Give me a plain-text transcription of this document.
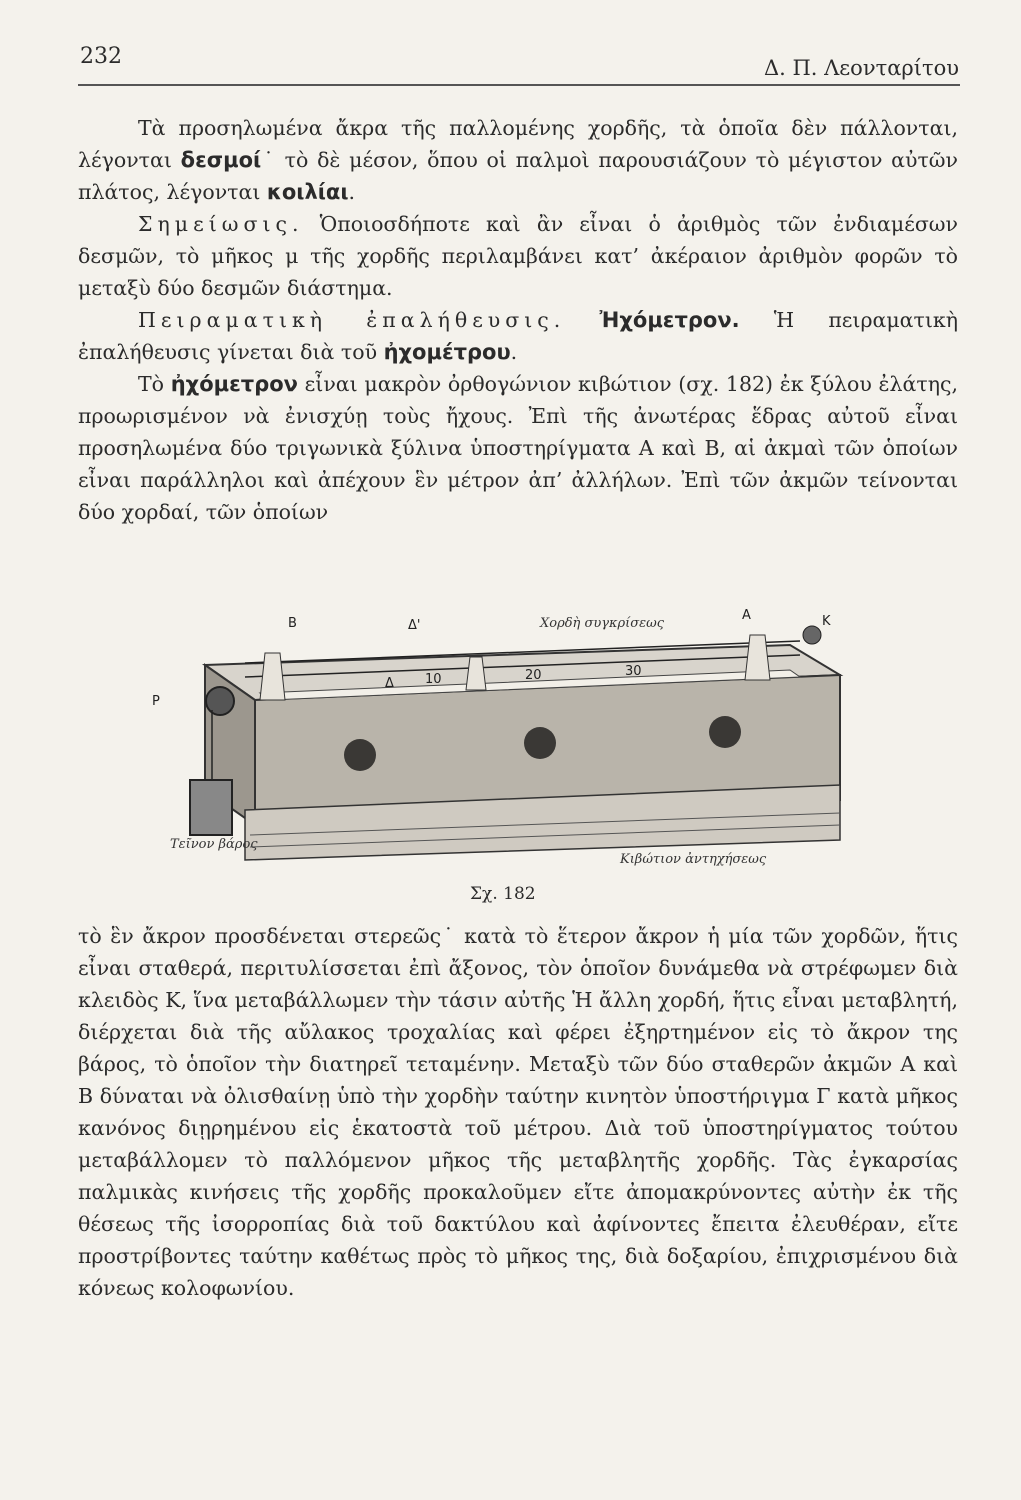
232	Δ. Π. Λεονταρίτου

Τὰ προσηλωμένα ἄκρα τῆς παλλομένης χορδῆς, τὰ ὁποῖα δὲν πάλλονται, λέγονται δεσμοί˙ τὸ δὲ μέσον, ὅπου οἱ παλμοὶ παρουσιάζουν τὸ μέγιστον αὐτῶν πλάτος, λέγονται κοιλίαι.

Σημείωσις. Ὁποιοσδήποτε καὶ ἂν εἶναι ὁ ἀριθμὸς τῶν ἐνδιαμέσων δεσμῶν, τὸ μῆκος μ τῆς χορδῆς περιλαμβάνει κατ’ ἀκέραιον ἀριθμὸν φορῶν τὸ μεταξὺ δύο δεσμῶν διάστημα.

Πειραματικὴ ἐπαλήθευσις. Ἠχόμετρον. Ἡ πειραματικὴ ἐπαλήθευσις γίνεται διὰ τοῦ ἠχομέτρου.

Τὸ ἠχόμετρον εἶναι μακρὸν ὀρθογώνιον κιβώτιον (σχ. 182) ἐκ ξύλου ἐλάτης, προωρισμένον νὰ ἐνισχύῃ τοὺς ἤχους. Ἐπὶ τῆς ἀνωτέρας ἕδρας αὐτοῦ εἶναι προσηλωμένα δύο τριγωνικὰ ξύλινα ὑποστηρίγματα Α καὶ Β, αἱ ἀκμαὶ τῶν ὁποίων εἶναι παράλληλοι καὶ ἀπέχουν ἓν μέτρον ἀπ’ ἀλλήλων. Ἐπὶ τῶν ἀκμῶν τείνονται δύο χορδαί, τῶν ὁποίων

Β	Δ'	Χορδὴ συγκρίσεως
Α	Κ
Ρ
Δ 10	20	30
Τεῖνον βάρος
Κιβώτιον ἀντηχήσεως
Σχ. 182

τὸ ἓν ἄκρον προσδένεται στερεῶς˙ κατὰ τὸ ἕτερον ἄκρον ἡ μία τῶν χορδῶν, ἥτις εἶναι σταθερά, περιτυλίσσεται ἐπὶ ἄξονος, τὸν ὁποῖον δυνάμεθα νὰ στρέφωμεν διὰ κλειδὸς Κ, ἵνα μεταβάλλωμεν τὴν τάσιν αὐτῆς Ἡ ἄλλη χορδή, ἥτις εἶναι μεταβλητή, διέρχεται διὰ τῆς αὔλακος τροχαλίας καὶ φέρει ἐξηρτημένον εἰς τὸ ἄκρον της βάρος, τὸ ὁποῖον τὴν διατηρεῖ τεταμένην. Μεταξὺ τῶν δύο σταθερῶν ἀκμῶν Α καὶ Β δύναται νὰ ὀλισθαίνῃ ὑπὸ τὴν χορδὴν ταύτην κινητὸν ὑποστήριγμα Γ κατὰ μῆκος κανόνος διῃρημένου εἰς ἑκατοστὰ τοῦ μέτρου. Διὰ τοῦ ὑποστηρίγματος τούτου μεταβάλλομεν τὸ παλλόμενον μῆκος τῆς μεταβλητῆς χορδῆς. Τὰς ἐγκαρσίας παλμικὰς κινήσεις τῆς χορδῆς προκαλοῦμεν εἴτε ἀπομακρύνοντες αὐτὴν ἐκ τῆς θέσεως τῆς ἰσορροπίας διὰ τοῦ δακτύλου καὶ ἀφίνοντες ἔπειτα ἐλευθέραν, εἴτε προστρίβοντες ταύτην καθέτως πρὸς τὸ μῆκος της, διὰ δοξαρίου, ἐπιχρισμένου διὰ κόνεως κολοφωνίου.
